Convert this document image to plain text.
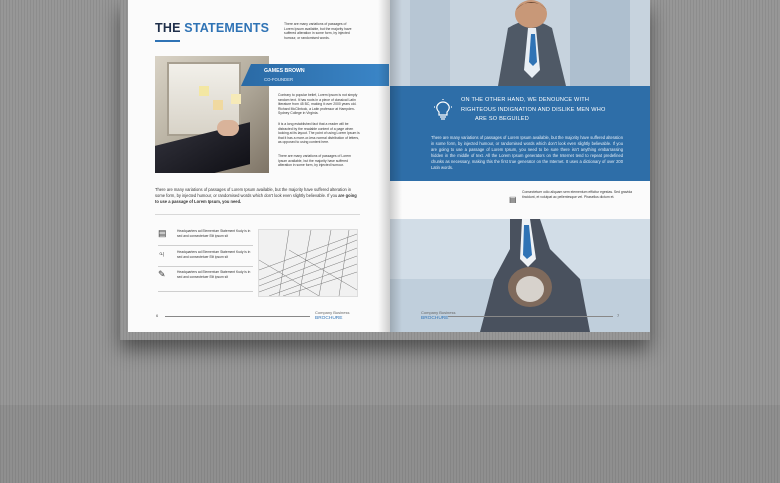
THE STATEMENTS	There are many variations of passages of Lorem Ipsum available, but the majority have suffered alteration in some form, by injected humour, or randomised words.
GAMES BROWN
CO-FOUNDER
Contrary to popular belief, Lorem Ipsum is not simply random text. It has roots in a piece of classical Latin literature from 45 BC, making it over 2000 years old. Richard McClintock, a Latin professor at Hampden-Sydney College in Virginia.
It is a long established fact that a reader will be distracted by the readable content of a page when looking at its layout. The point of using Lorem Ipsum is that it has a more-or-less normal distribution of letters, as opposed to using content here.
There are many variations of passages of Lorem Ipsum available, but the majority have suffered alteration in some form, by injected humour.
There are many variations of passages of Lorem Ipsum available, but the majority have suffered alteration in some form, by injected humour, or randomised words which don't look even slightly believable. If you are going to use a passage of Lorem Ipsum, you need.
▤	Headquarters ad Elementum Statement Kudy is in sed and consectetuer Elit ipsum sit
♃	Headquarters ad Elementum Statement Kudy is in sed and consectetuer Elit ipsum sit
✎	Headquarters ad Elementum Statement Kudy is in sed and consectetuer Elit ipsum sit
6
Company Business
BROCHURE
ON THE OTHER HAND, WE DENOUNCE WITH
RIGHTEOUS INDIGNATION AND DISLIKE MEN WHO
ARE SO BEGUILED
There are many variations of passages of Lorem Ipsum available, but the majority have suffered alteration in some form, by injected humour, or randomised words which don't look even slightly believable. If you are going to use a passage of Lorem Ipsum, you need to be sure there isn't anything embarrassing hidden in the middle of text. All the Lorem Ipsum generators on the Internet tend to repeat predefined chunks as necessary, making this the first true generator on the Internet. It uses a dictionary of over 200 Latin words.
▤
Consectetuer odio aliquam sem elementum efficitur egestas. Sed gravida tincidunt, et volutpat ac pellentesque vel. Phasellus dictum et.
Company Business
BROCHURE
7
